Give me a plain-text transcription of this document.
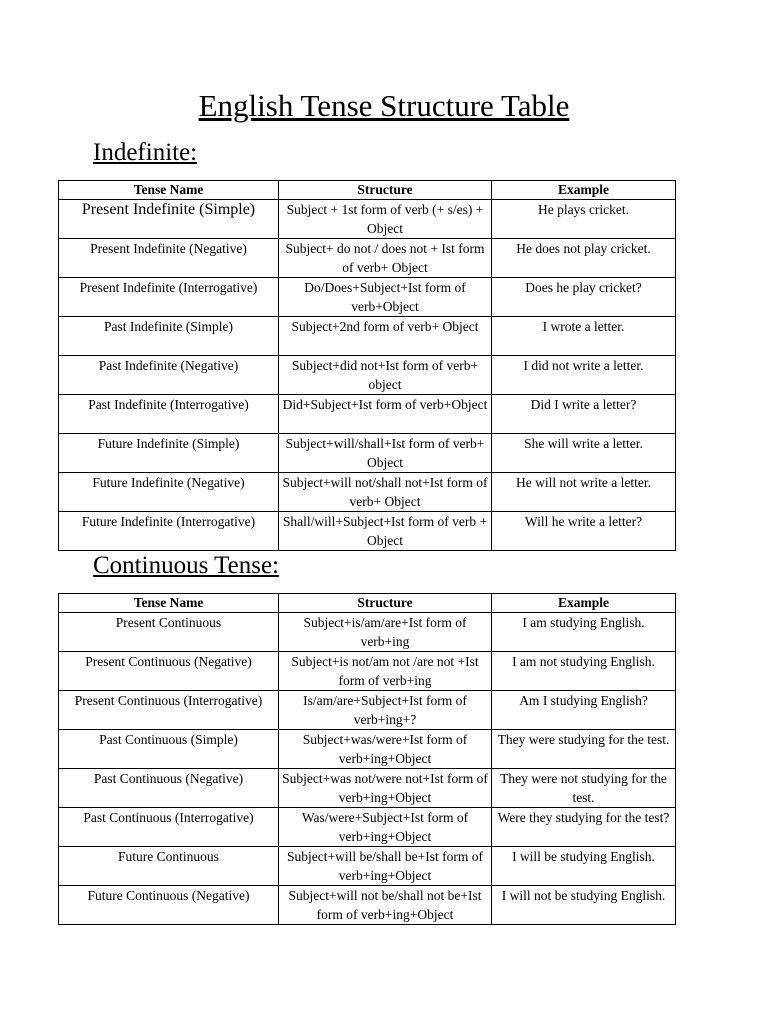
English Tense Structure Table
Indefinite:
Tense Name	Structure	Example
Present Indefinite (Simple)	Subject + 1st form of verb (+ s/es) + Object	He plays cricket.
Present Indefinite (Negative)	Subject+ do not / does not + Ist form of verb+ Object	He does not play cricket.
Present Indefinite (Interrogative)	Do/Does+Subject+Ist form of verb+Object	Does he play cricket?
Past Indefinite (Simple)	Subject+2nd form of verb+ Object	I wrote a letter.
Past Indefinite (Negative)	Subject+did not+Ist form of verb+ object	I did not write a letter.
Past Indefinite (Interrogative)	Did+Subject+Ist form of verb+Object	Did I write a letter?
Future Indefinite (Simple)	Subject+will/shall+Ist form of verb+ Object	She will write a letter.
Future Indefinite (Negative)	Subject+will not/shall not+Ist form of verb+ Object	He will not write a letter.
Future Indefinite (Interrogative)	Shall/will+Subject+Ist form of verb + Object	Will he write a letter?
Continuous Tense:
Tense Name	Structure	Example
Present Continuous	Subject+is/am/are+Ist form of verb+ing	I am studying English.
Present Continuous (Negative)	Subject+is not/am not /are not +Ist form of verb+ing	I am not studying English.
Present Continuous (Interrogative)	Is/am/are+Subject+Ist form of verb+ing+?	Am I studying English?
Past Continuous (Simple)	Subject+was/were+Ist form of verb+ing+Object	They were studying for the test.
Past Continuous (Negative)	Subject+was not/were not+Ist form of verb+ing+Object	They were not studying for the test.
Past Continuous (Interrogative)	Was/were+Subject+Ist form of verb+ing+Object	Were they studying for the test?
Future Continuous	Subject+will be/shall be+Ist form of verb+ing+Object	I will be studying English.
Future Continuous (Negative)	Subject+will not be/shall not be+Ist form of verb+ing+Object	I will not be studying English.
